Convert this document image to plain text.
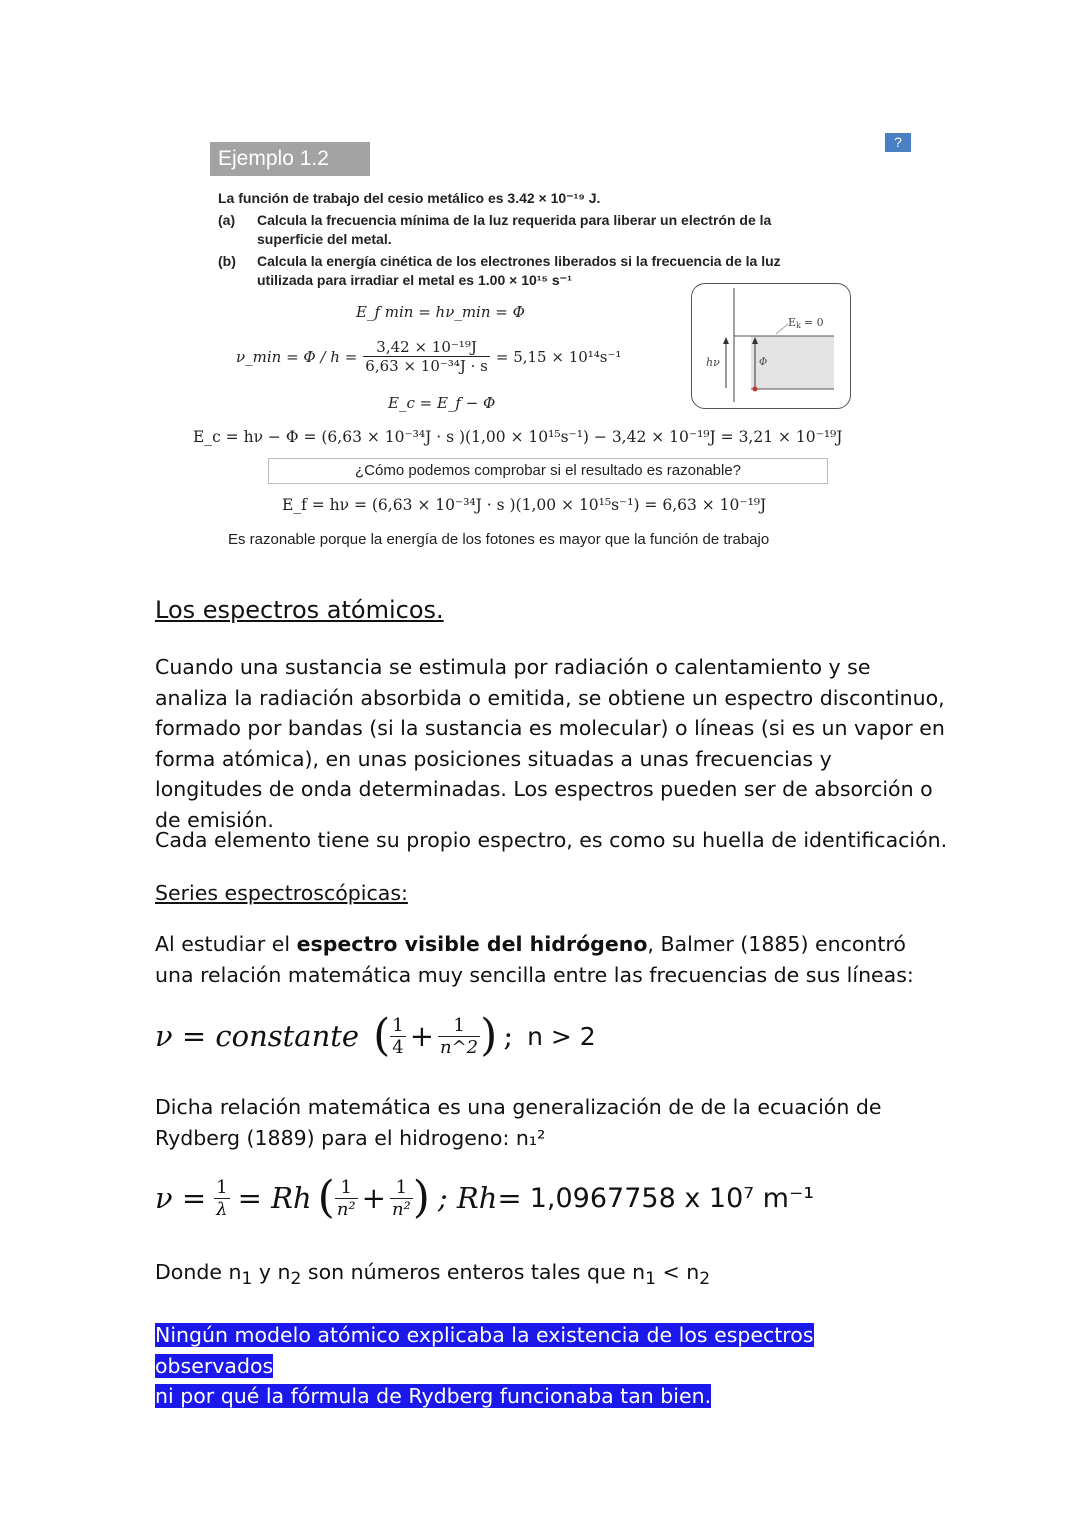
?
Ejemplo 1.2
La función de trabajo del cesio metálico es 3.42 × 10⁻¹⁹ J.
(a) Calcula la frecuencia mínima de la luz requerida para liberar un electrón de la
superficie del metal.
(b) Calcula la energía cinética de los electrones liberados si la frecuencia de la luz
utilizada para irradiar el metal es 1.00 × 10¹⁵ s⁻¹
E_f min = hν_min = Φ
ν_min = $\Phi / h = \frac{\text{3,42 × 10⁻¹⁹J}}{\text{6,63 × 10⁻³⁴J · s}} = 5,15 \times 10^{14}s^{-1}$
E_c = E_f − Φ
E_c = hν − Φ = (6,63 × 10⁻³⁴J · s )(1,00 × 10¹⁵s⁻¹) − 3,42 × 10⁻¹⁹J = 3,21 × 10⁻¹⁹J
¿Cómo podemos comprobar si el resultado es razonable?
E_f = hν = (6,63 × 10⁻³⁴J · s )(1,00 × 10¹⁵s⁻¹) = 6,63 × 10⁻¹⁹J
Es razonable porque la energía de los fotones es mayor que la función de trabajo
Ek = 0
hν	Φ
Los espectros atómicos.
Cuando una sustancia se estimula por radiación o calentamiento y se analiza la radiación absorbida o emitida, se obtiene un espectro discontinuo, formado por bandas (si la sustancia es molecular) o líneas (si es un vapor en forma atómica), en unas posiciones situadas a unas frecuencias y longitudes de onda determinadas. Los espectros pueden ser de absorción o de emisión.
Cada elemento tiene su propio espectro, es como su huella de identificación.
Series espectroscópicas:
Al estudiar el espectro visible del hidrógeno, Balmer (1885) encontró una relación matemática muy sencilla entre las frecuencias de sus líneas:
ν = constante ( $\frac{1}{4} + \frac{1}{n\^{}2}$ ) ; n > 2
Dicha relación matemática es una generalización de de la ecuación de Rydberg (1889) para el hidrogeno: n₁²
$\nu = \frac{1}{\lambda} = Rh$ ( $\frac{1}{\text{n²}} + \frac{1}{\text{n²}}$ ) ; Rh= 1,0967758 x 10⁷ m⁻¹
Donde $n_1$ y $n_2$ son números enteros tales que $n_1 < n_2$
Ningún modelo atómico explicaba la existencia de los espectros observados
ni por qué la fórmula de Rydberg funcionaba tan bien.
